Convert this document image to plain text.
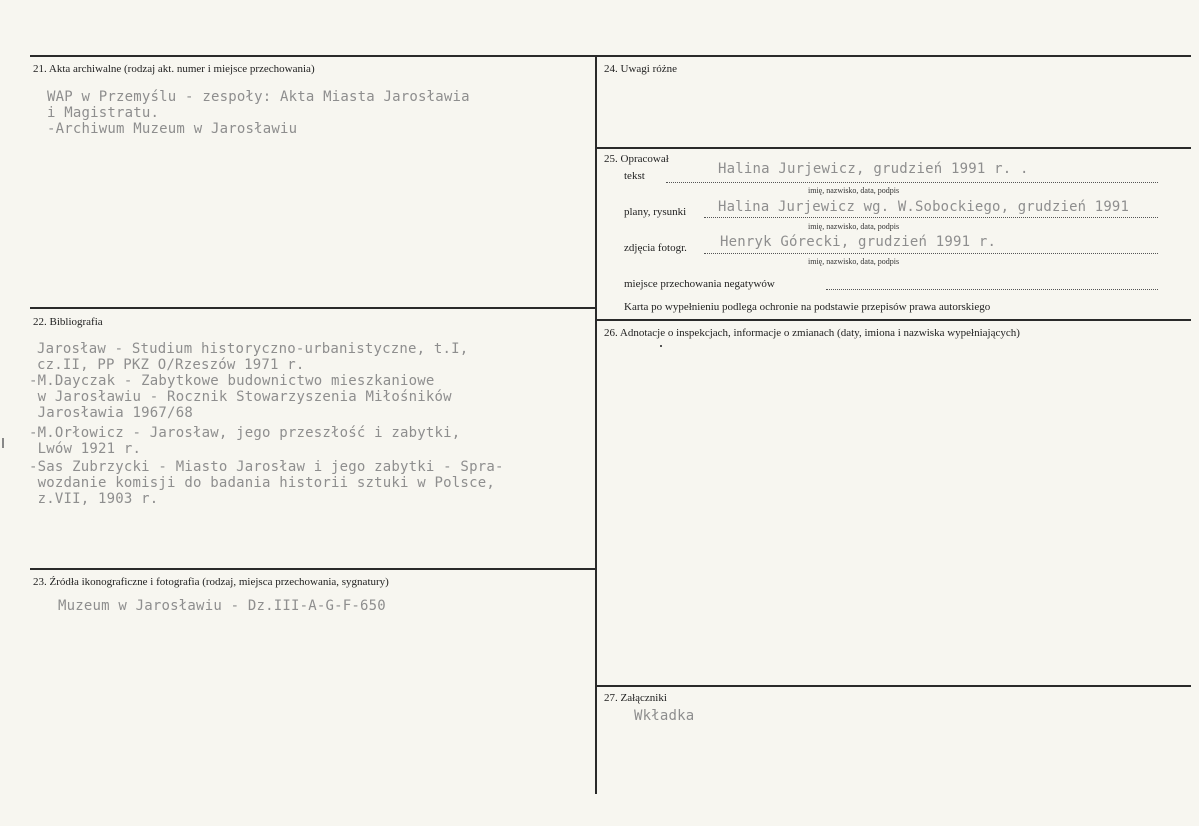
21. Akta archiwalne (rodzaj akt. numer i miejsce przechowania)
WAP w Przemyślu - zespoły: Akta Miasta Jarosławia
i Magistratu.
-Archiwum Muzeum w Jarosławiu
22. Bibliografia
Jarosław - Studium historyczno-urbanistyczne, t.I,
cz.II, PP PKZ O/Rzeszów 1971 r.
-M.Dayczak - Zabytkowe budownictwo mieszkaniowe
w Jarosławiu - Rocznik Stowarzyszenia Miłośników
Jarosławia 1967/68
-M.Orłowicz - Jarosław, jego przeszłość i zabytki,
Lwów 1921 r.
-Sas Zubrzycki - Miasto Jarosław i jego zabytki - Spra-
wozdanie komisji do badania historii sztuki w Polsce,
z.VII, 1903 r.
23. Źródła ikonograficzne i fotografia (rodzaj, miejsca przechowania, sygnatury)
Muzeum w Jarosławiu - Dz.III-A-G-F-650
24. Uwagi różne
25. Opracował
tekst	Halina Jurjewicz, grudzień 1991 r. .
imię, nazwisko, data, podpis
plany, rysunki Halina Jurjewicz wg. W.Sobockiego, grudzień 1991
imię, nazwisko, data, podpis
zdjęcia fotogr. Henryk Górecki, grudzień 1991 r.
imię, nazwisko, data, podpis
miejsce przechowania negatywów
Karta po wypełnieniu podlega ochronie na podstawie przepisów prawa autorskiego
26. Adnotacje o inspekcjach, informacje o zmianach (daty, imiona i nazwiska wypełniających)
27. Załączniki
Wkładka
